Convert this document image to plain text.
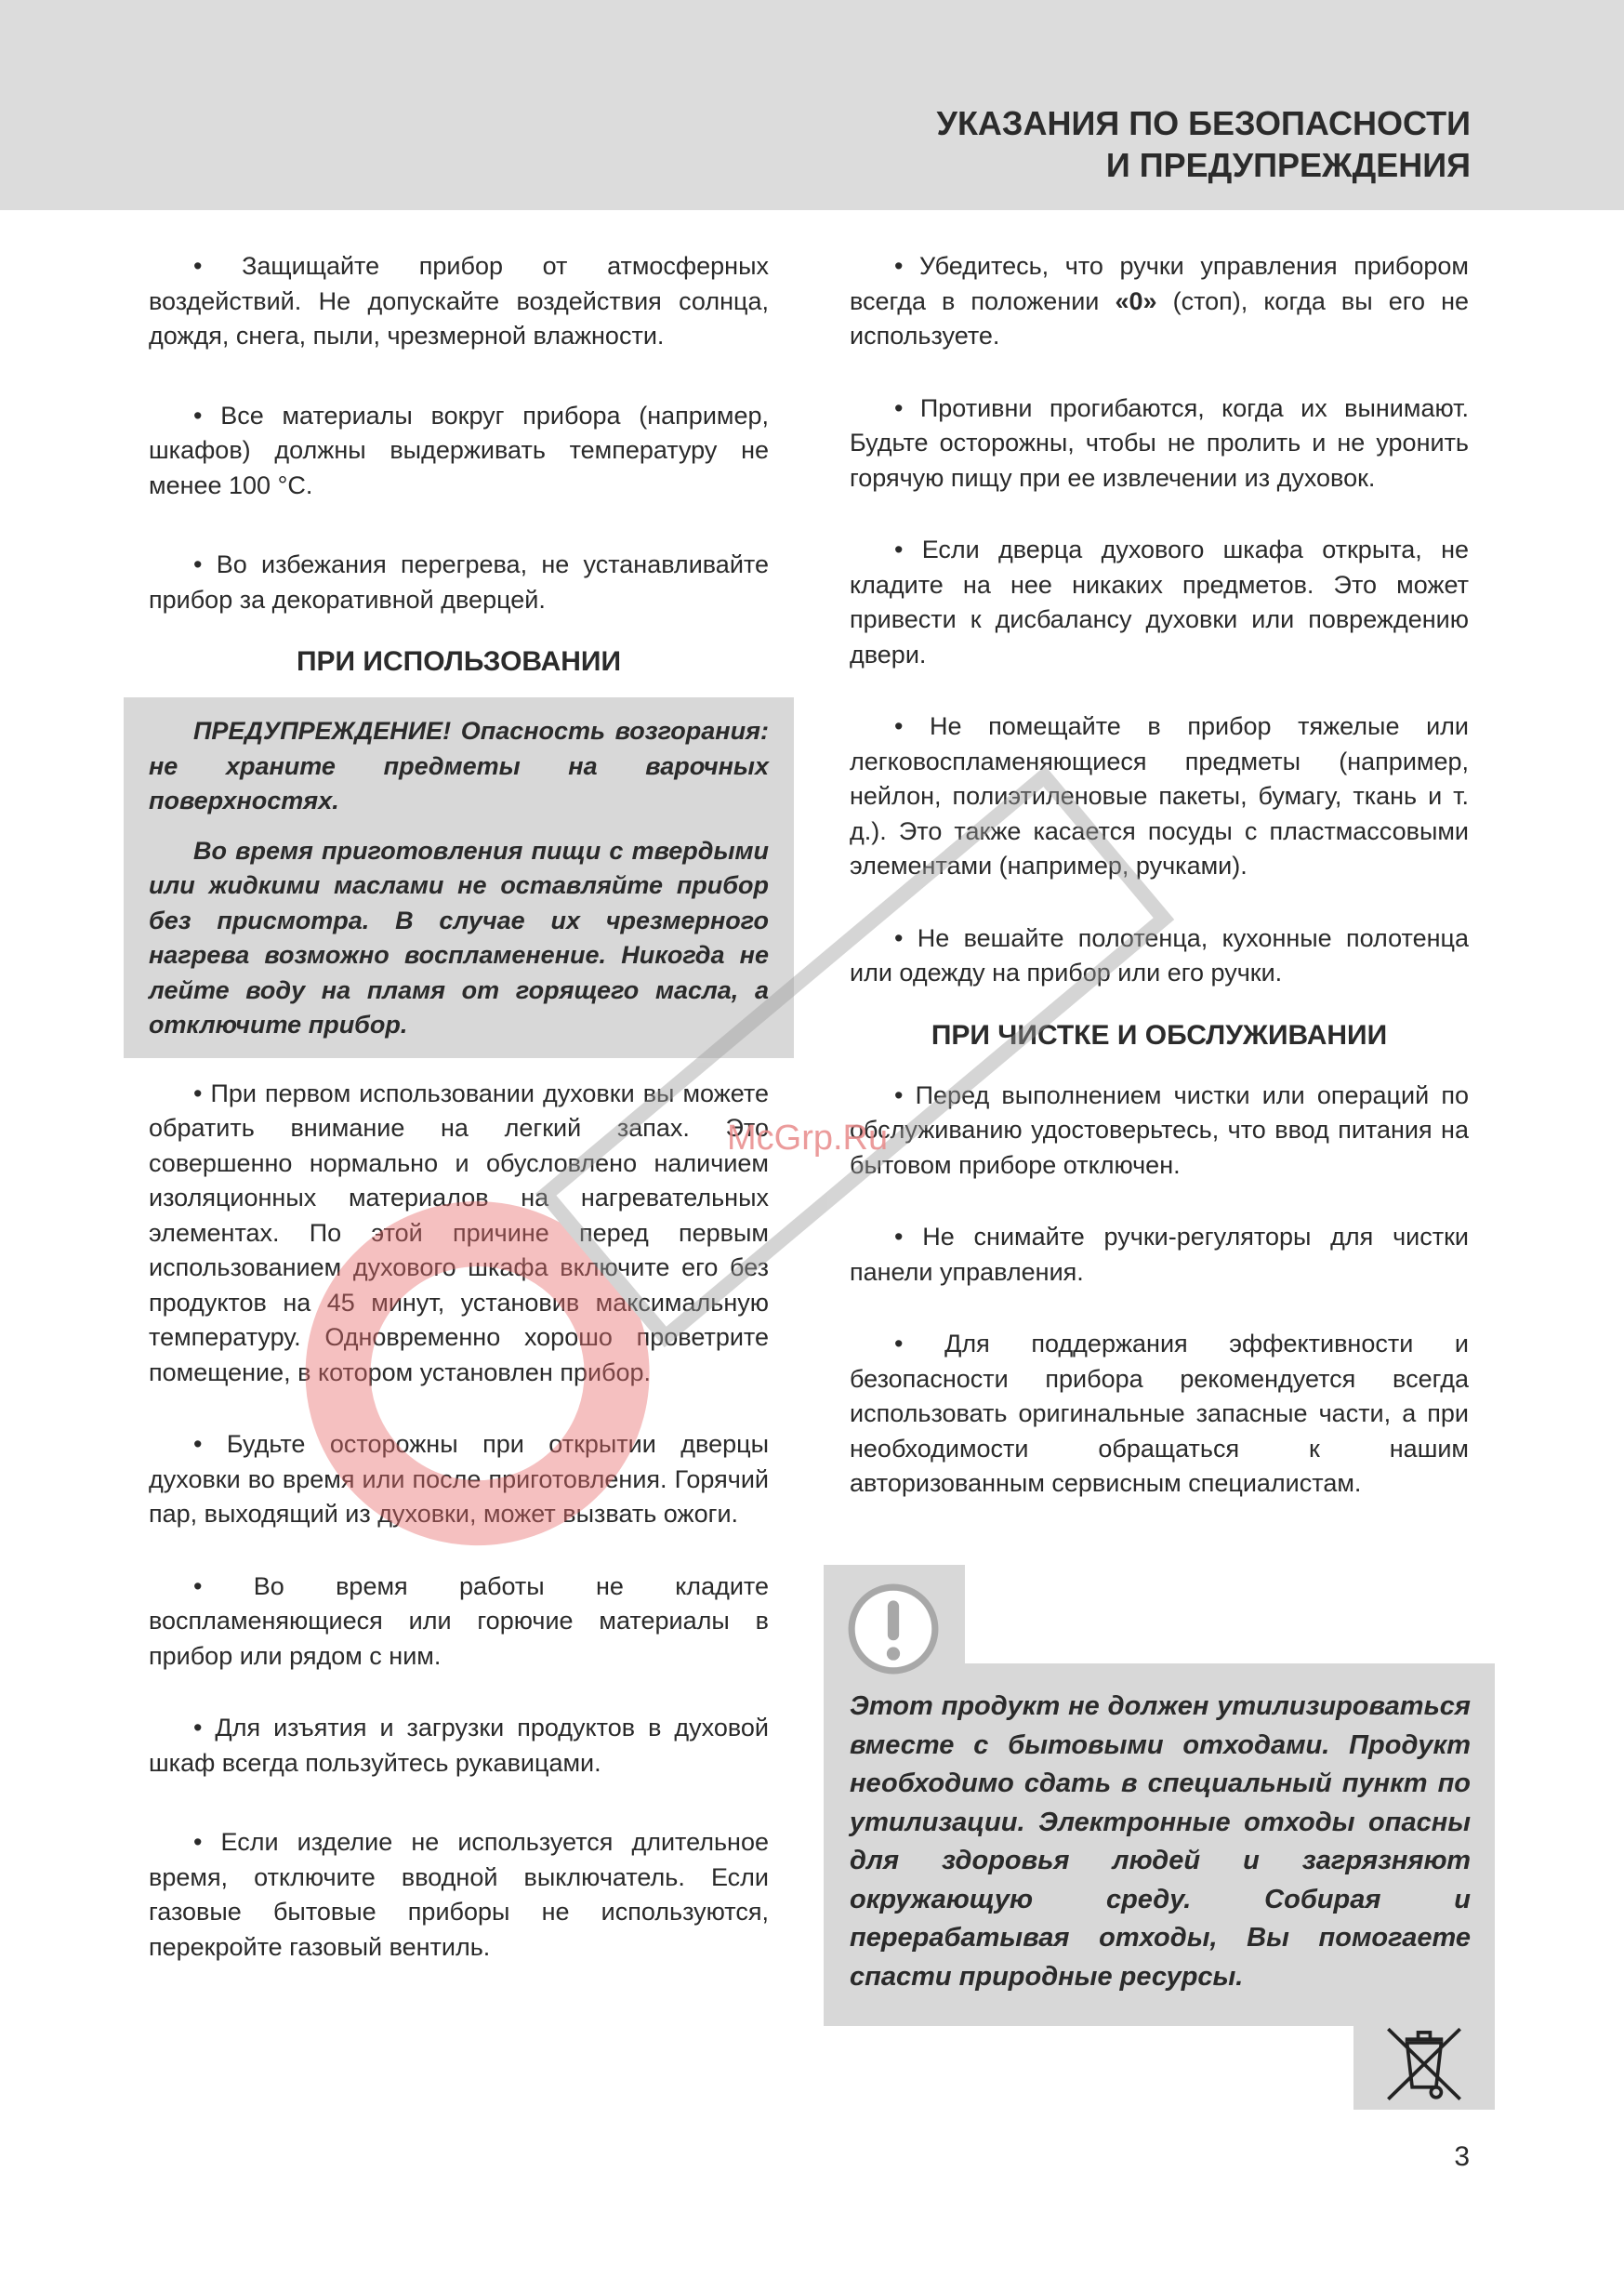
УКАЗАНИЯ ПО БЕЗОПАСНОСТИ
И ПРЕДУПРЕЖДЕНИЯ

• Защищайте прибор от атмосферных воздействий. Не допускайте воздействия солнца, дождя, снега, пыли, чрезмерной влажности.

• Все материалы вокруг прибора (например, шкафов) должны выдерживать температуру не менее 100 °С.

• Во избежания перегрева, не устанавливайте прибор за декоративной дверцей.

ПРИ ИСПОЛЬЗОВАНИИ

ПРЕДУПРЕЖДЕНИЕ! Опасность возгорания: не храните предметы на варочных поверхностях.

Во время приготовления пищи с твердыми или жидкими маслами не оставляйте прибор без присмотра. В случае их чрезмерного нагрева возможно воспламенение. Никогда не лейте воду на пламя от горящего масла, а отключите прибор.

• При первом использовании духовки вы можете обратить внимание на легкий запах. Это совершенно нормально и обусловлено наличием изоляционных материалов на нагревательных элементах. По этой причине перед первым использованием духового шкафа включите его без продуктов на 45 минут, установив максимальную температуру. Одновременно хорошо проветрите помещение, в котором установлен прибор.

• Будьте осторожны при открытии дверцы духовки во время или после приготовления. Горячий пар, выходящий из духовки, может вызвать ожоги.

• Во время работы не кладите воспламеняющиеся или горючие материалы в прибор или рядом с ним.

• Для изъятия и загрузки продуктов в духовой шкаф всегда пользуйтесь рукавицами.

• Если изделие не используется длительное время, отключите вводной выключатель. Если газовые бытовые приборы не используются, перекройте газовый вентиль.

• Убедитесь, что ручки управления прибором всегда в положении «0» (стоп), когда вы его не используете.

• Противни прогибаются, когда их вынимают. Будьте осторожны, чтобы не пролить и не уронить горячую пищу при ее извлечении из духовок.

• Если дверца духового шкафа открыта, не кладите на нее никаких предметов. Это может привести к дисбалансу духовки или повреждению двери.

• Не помещайте в прибор тяжелые или легковоспламеняющиеся предметы (например, нейлон, полиэтиленовые пакеты, бумагу, ткань и т. д.). Это также касается посуды с пластмассовыми элементами (например, ручками).

• Не вешайте полотенца, кухонные полотенца или одежду на прибор или его ручки.

ПРИ ЧИСТКЕ И ОБСЛУЖИВАНИИ

• Перед выполнением чистки или операций по обслуживанию удостоверьтесь, что ввод питания на бытовом приборе отключен.

• Не снимайте ручки-регуляторы для чистки панели управления.

• Для поддержания эффективности и безопасности прибора рекомендуется всегда использовать оригинальные запасные части, а при необходимости обращаться к нашим авторизованным сервисным специалистам.

Этот продукт не должен утилизироваться вместе с бытовыми отходами. Продукт необходимо сдать в специальный пункт по утилизации. Электронные отходы опасны для здоровья людей и загрязняют окружающую среду. Собирая и перерабатывая отходы, Вы помогаете спасти природные ресурсы.

McGrp.Ru
3
